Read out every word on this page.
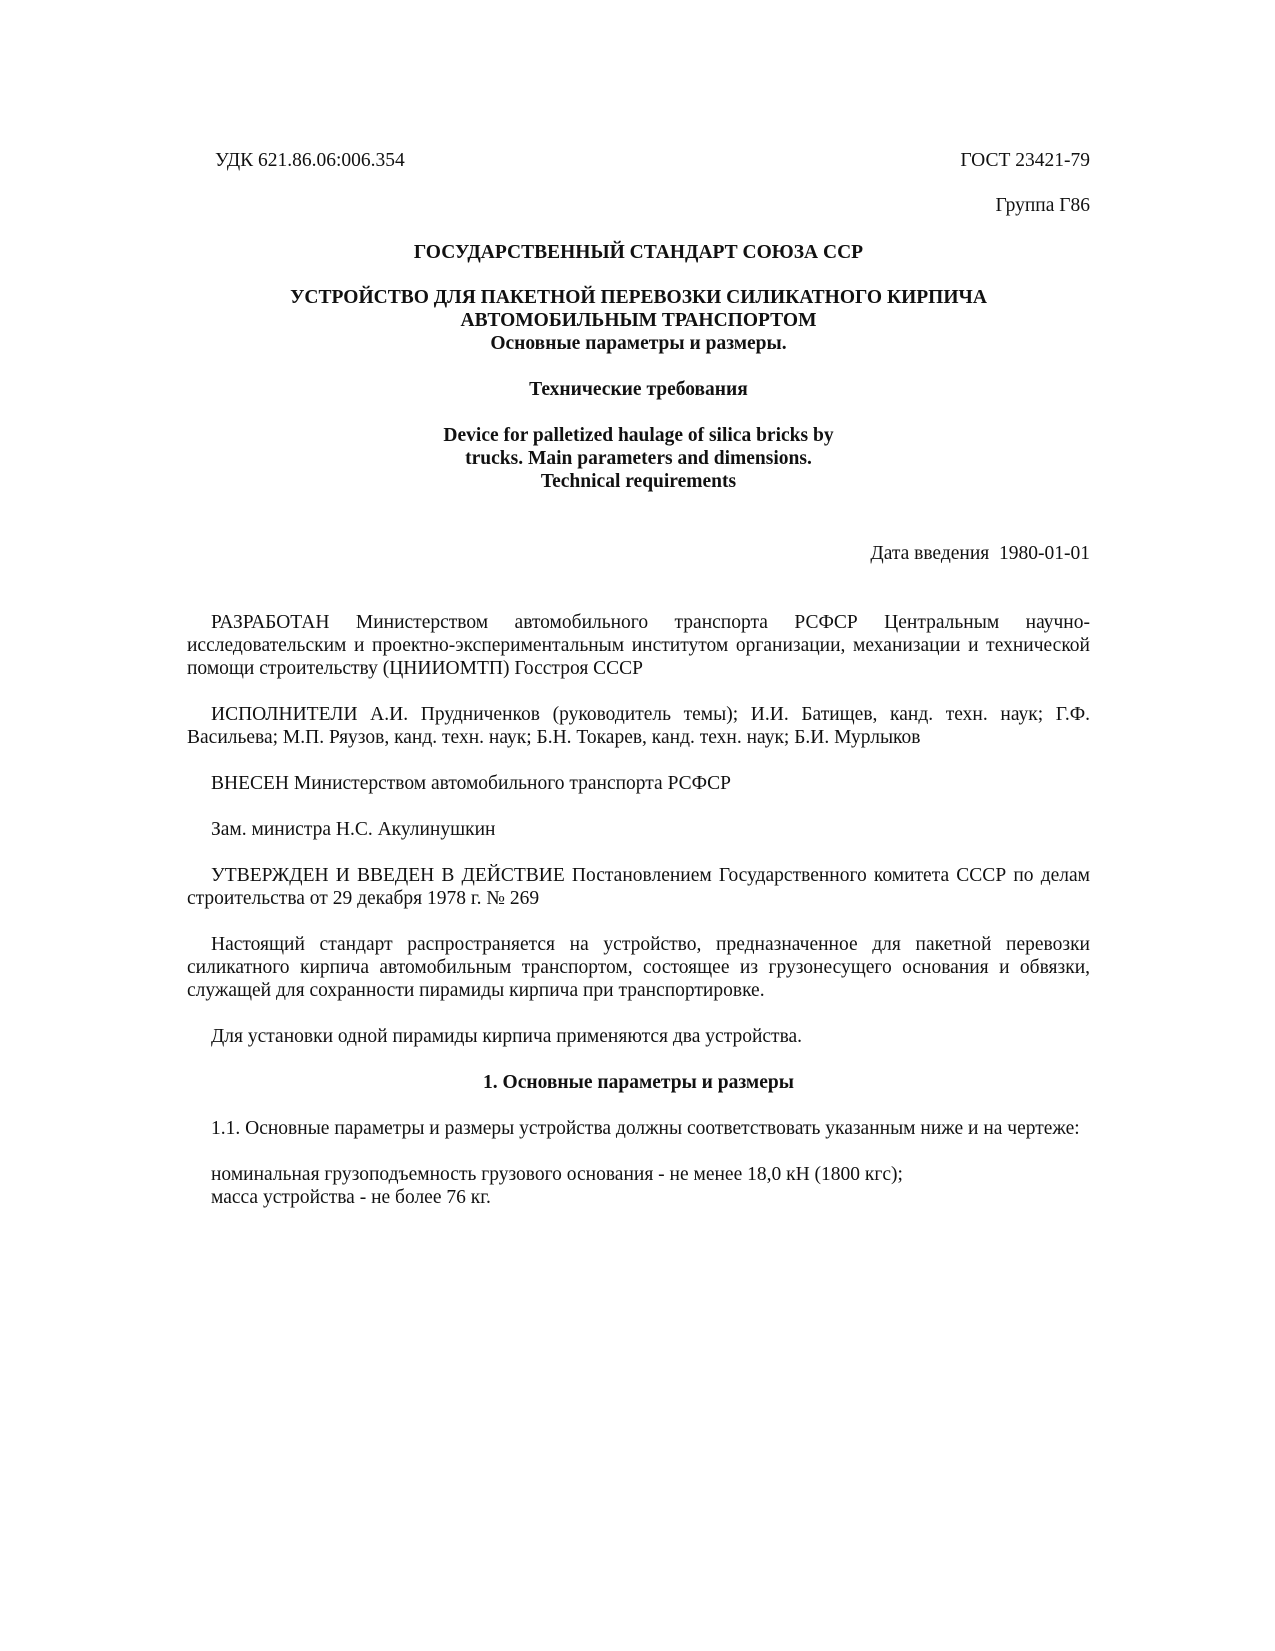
УДК 621.86.06:006.354	ГОСТ 23421-79
Группа Г86
ГОСУДАРСТВЕННЫЙ СТАНДАРТ СОЮЗА ССР
УСТРОЙСТВО ДЛЯ ПАКЕТНОЙ ПЕРЕВОЗКИ СИЛИКАТНОГО КИРПИЧА
АВТОМОБИЛЬНЫМ ТРАНСПОРТОМ
Основные параметры и размеры.
Технические требования
Device for palletized haulage of silica bricks by
trucks. Main parameters and dimensions.
Technical requirements
Дата введения  1980-01-01
РАЗРАБОТАН Министерством автомобильного транспорта РСФСР Центральным научно-исследовательским и проектно-экспериментальным институтом организации, механизации и технической помощи строительству (ЦНИИОМТП) Госстроя СССР
ИСПОЛНИТЕЛИ А.И. Прудниченков (руководитель темы); И.И. Батищев, канд. техн. наук; Г.Ф. Васильева; М.П. Ряузов, канд. техн. наук; Б.Н. Токарев, канд. техн. наук; Б.И. Мурлыков
ВНЕСЕН Министерством автомобильного транспорта РСФСР
Зам. министра Н.С. Акулинушкин
УТВЕРЖДЕН И ВВЕДЕН В ДЕЙСТВИЕ Постановлением Государственного комитета СССР по делам строительства от 29 декабря 1978 г. № 269
Настоящий стандарт распространяется на устройство, предназначенное для пакетной перевозки силикатного кирпича автомобильным транспортом, состоящее из грузонесущего основания и обвязки, служащей для сохранности пирамиды кирпича при транспортировке.
Для установки одной пирамиды кирпича применяются два устройства.
1. Основные параметры и размеры
1.1. Основные параметры и размеры устройства должны соответствовать указанным ниже и на чертеже:
номинальная грузоподъемность грузового основания - не менее 18,0 кН (1800 кгс);
масса устройства - не более 76 кг.
